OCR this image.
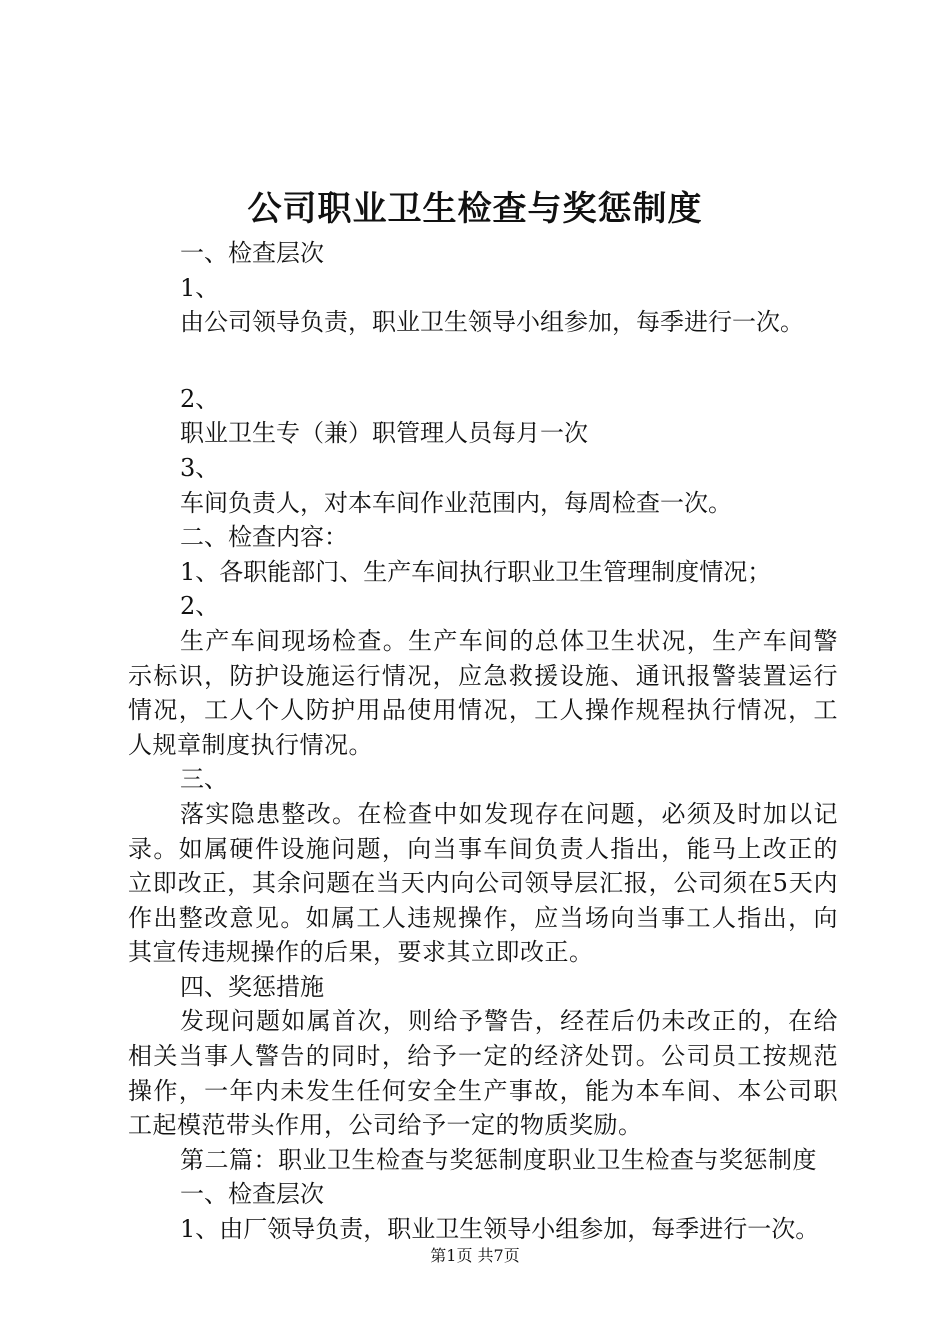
公司职业卫生检查与奖惩制度
一、检查层次
1、
由公司领导负责，职业卫生领导小组参加，每季进行一次。
2、
职业卫生专（兼）职管理人员每月一次
3、
车间负责人，对本车间作业范围内，每周检查一次。
二、检查内容：
1、各职能部门、生产车间执行职业卫生管理制度情况；
2、

生产车间现场检查。生产车间的总体卫生状况，生产车间警示标识，防护设施运行情况，应急救援设施、通讯报警装置运行情况，工人个人防护用品使用情况，工人操作规程执行情况，工人规章制度执行情况。

三、

落实隐患整改。在检查中如发现存在问题，必须及时加以记录。如属硬件设施问题，向当事车间负责人指出，能马上改正的立即改正，其余问题在当天内向公司领导层汇报，公司须在5天内作出整改意见。如属工人违规操作，应当场向当事工人指出，向其宣传违规操作的后果，要求其立即改正。

四、奖惩措施

发现问题如属首次，则给予警告，经茬后仍未改正的，在给相关当事人警告的同时，给予一定的经济处罚。公司员工按规范操作，一年内未发生任何安全生产事故，能为本车间、本公司职工起模范带头作用，公司给予一定的物质奖励。

第二篇：职业卫生检查与奖惩制度职业卫生检查与奖惩制度

一、检查层次
1、由厂领导负责，职业卫生领导小组参加，每季进行一次。
第1页 共7页
